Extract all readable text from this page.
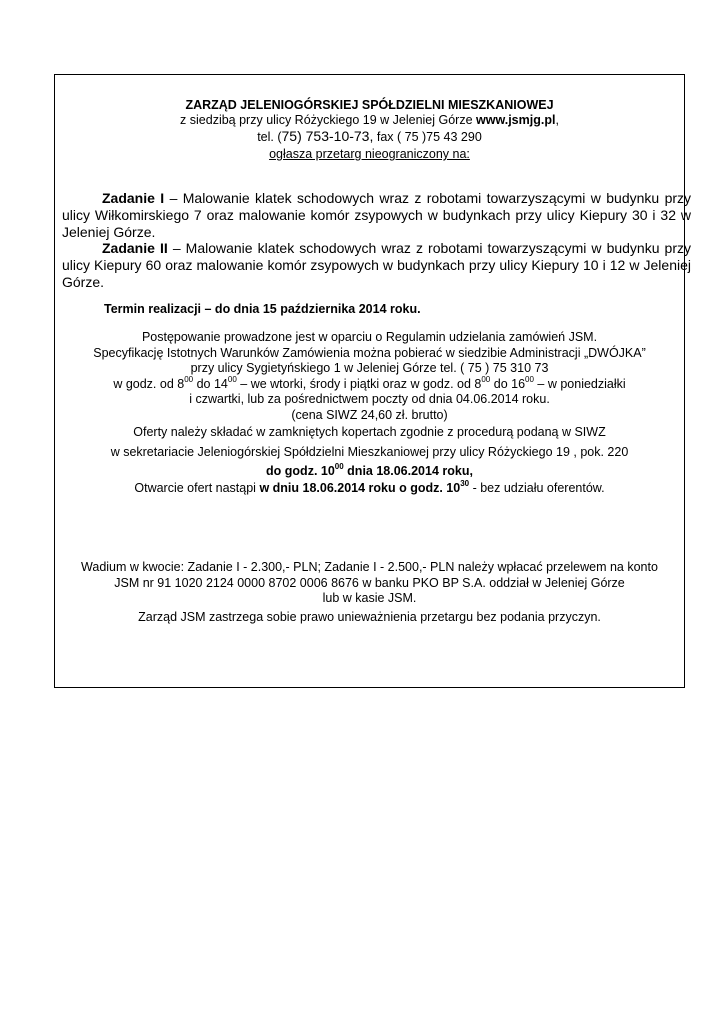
ZARZĄD JELENIOGÓRSKIEJ SPÓŁDZIELNI MIESZKANIOWEJ
z siedzibą przy ulicy Różyckiego 19 w Jeleniej Górze www.jsmjg.pl,
tel. (75) 753-10-73, fax ( 75 )75 43 290
ogłasza przetarg nieograniczony na:
Zadanie I – Malowanie klatek schodowych wraz z robotami towarzyszącymi w budynku przy ulicy Wiłkomirskiego 7 oraz malowanie komór zsypowych w budynkach przy ulicy Kiepury 30 i 32 w Jeleniej Górze.
Zadanie II – Malowanie klatek schodowych wraz z robotami towarzyszącymi w budynku przy ulicy Kiepury 60 oraz malowanie komór zsypowych w budynkach przy ulicy Kiepury 10 i 12 w Jeleniej Górze.
Termin realizacji – do dnia 15 października 2014 roku.
Postępowanie prowadzone jest w oparciu o Regulamin udzielania zamówień JSM.
Specyfikację Istotnych Warunków Zamówienia można pobierać w siedzibie Administracji „DWÓJKA”
przy ulicy Sygietyńskiego 1 w Jeleniej Górze tel. ( 75 ) 75 310 73
w godz. od $8^{00}$ do $14^{00}$ – we wtorki, środy i piątki oraz w godz. od $8^{00}$ do $16^{00}$ – w poniedziałki
i czwartki, lub za pośrednictwem poczty od dnia 04.06.2014 roku.
(cena SIWZ 24,60 zł. brutto)
Oferty należy składać w zamkniętych kopertach zgodnie z procedurą podaną w SIWZ
w sekretariacie Jeleniogórskiej Spółdzielni Mieszkaniowej przy ulicy Różyckiego 19 , pok. 220
do godz. $10^{00}$ dnia 18.06.2014 roku,
Otwarcie ofert nastąpi w dniu 18.06.2014 roku o godz. $10^{30}$ - bez udziału oferentów.
Wadium w kwocie: Zadanie I - 2.300,- PLN; Zadanie I - 2.500,- PLN należy wpłacać przelewem na konto
JSM nr 91 1020 2124 0000 8702 0006 8676 w banku PKO BP S.A. oddział w Jeleniej Górze
lub w kasie JSM.
Zarząd JSM zastrzega sobie prawo unieważnienia przetargu bez podania przyczyn.
